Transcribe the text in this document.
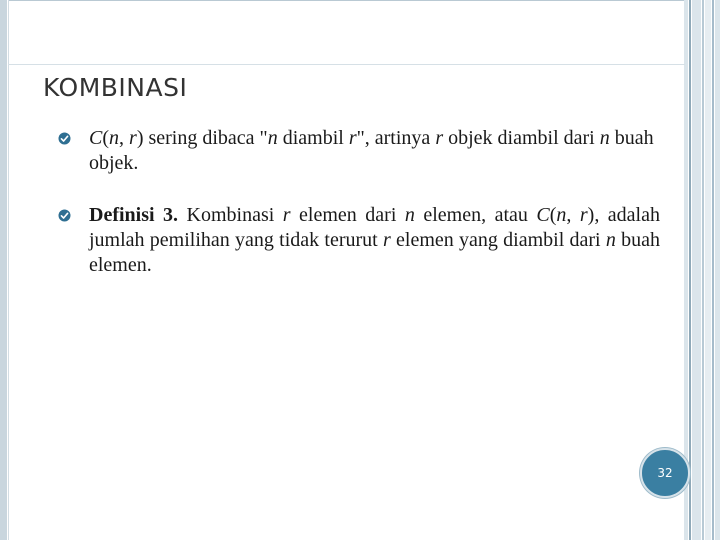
KOMBINASI
C(n, r) sering dibaca "n diambil r", artinya r objek diambil dari n buah objek.
Definisi 3. Kombinasi r elemen dari n elemen, atau C(n, r), adalah jumlah pemilihan yang tidak terurut r elemen yang diambil dari n buah elemen.
32
